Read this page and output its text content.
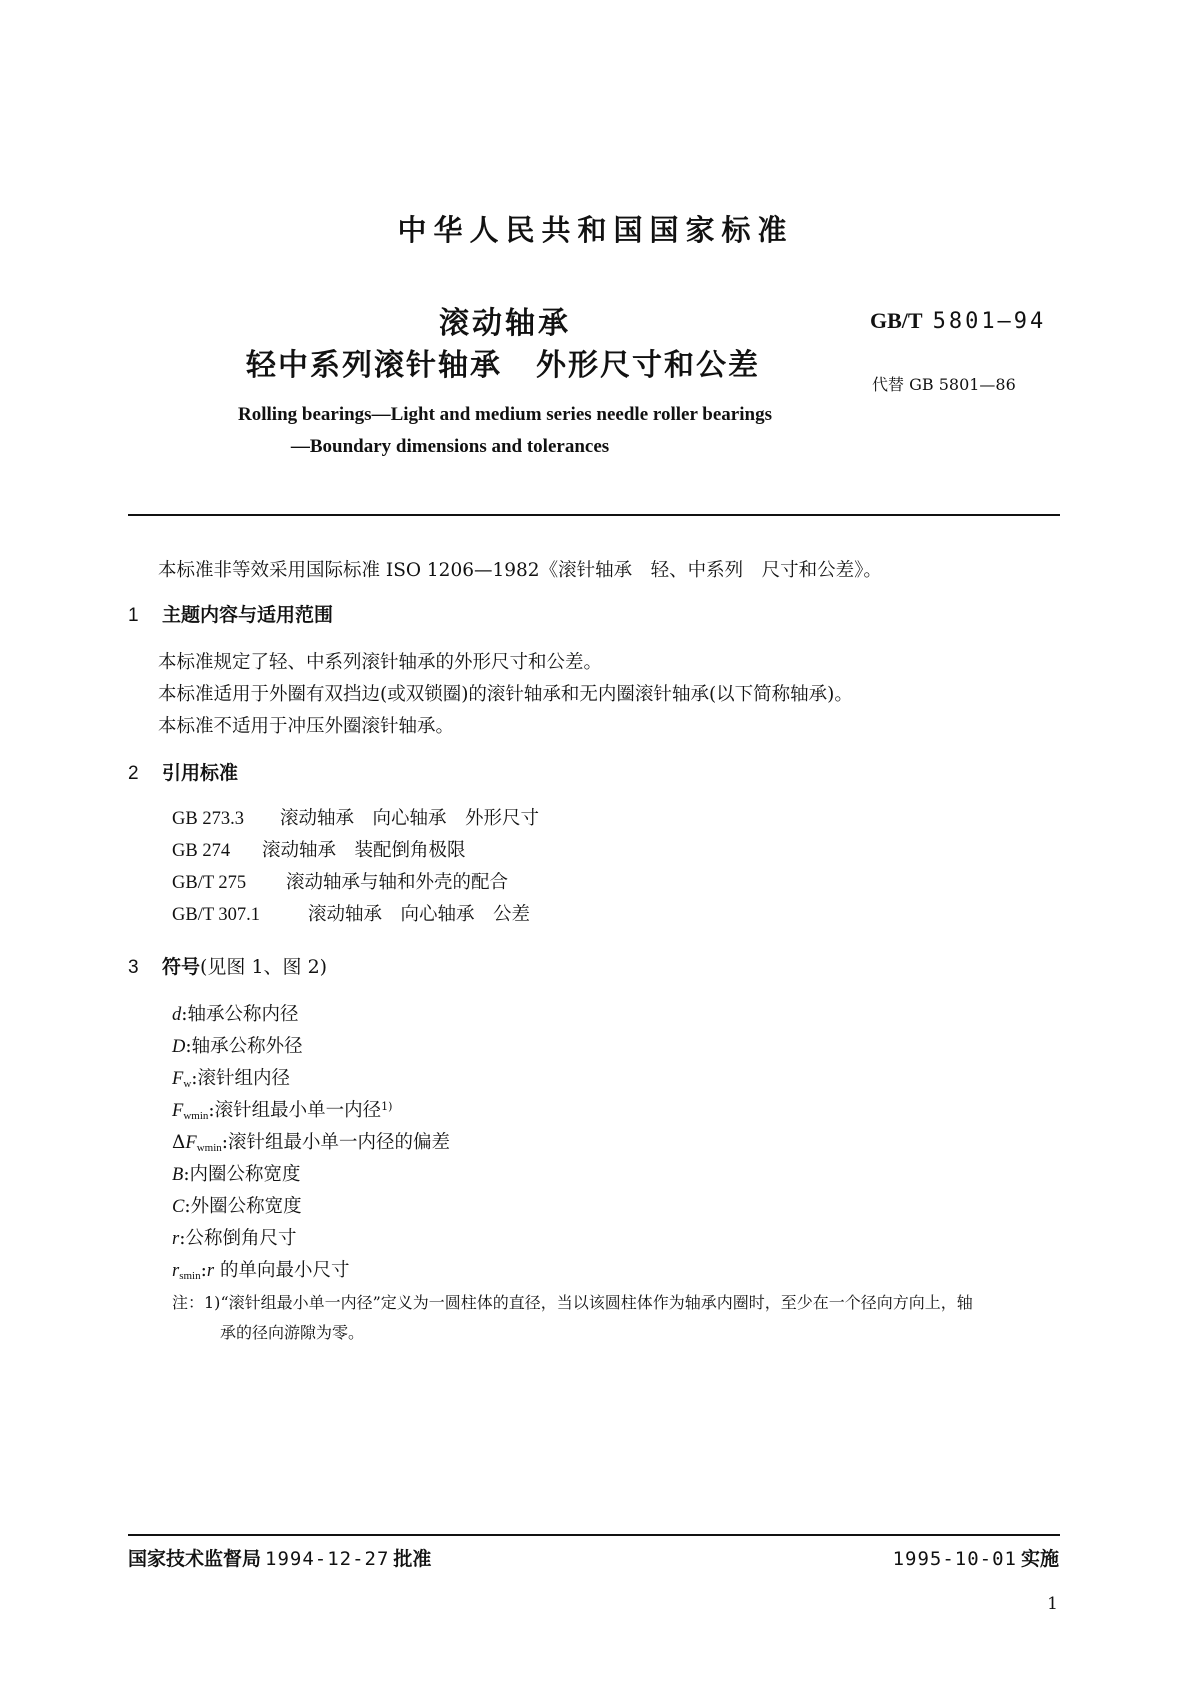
中华人民共和国国家标准
滚动轴承
轻中系列滚针轴承 外形尺寸和公差
GB/T 5801—94
代替 GB 5801—86
Rolling bearings—Light and medium series needle roller bearings
—Boundary dimensions and tolerances
本标准非等效采用国际标准 ISO 1206—1982《滚针轴承　轻、中系列　尺寸和公差》。
1 主题内容与适用范围
本标准规定了轻、中系列滚针轴承的外形尺寸和公差。
本标准适用于外圈有双挡边(或双锁圈)的滚针轴承和无内圈滚针轴承(以下简称轴承)。
本标准不适用于冲压外圈滚针轴承。
2 引用标准
GB 273.3 滚动轴承　向心轴承　外形尺寸
GB 274 滚动轴承　装配倒角极限
GB/T 275 滚动轴承与轴和外壳的配合
GB/T 307.1	滚动轴承　向心轴承　公差
3 符号(见图 1、图 2)
d:轴承公称内径
D:轴承公称外径
$F_w$:滚针组内径
$F_{wmin}$:滚针组最小单一内径$^{1)}$
$\Delta F_{wmin}$:滚针组最小单一内径的偏差
B:内圈公称宽度
C:外圈公称宽度
r:公称倒角尺寸
$r_{smin}:r$ 的单向最小尺寸
注：1)“滚针组最小单一内径”定义为一圆柱体的直径，当以该圆柱体作为轴承内圈时，至少在一个径向方向上，轴
承的径向游隙为零。
国家技术监督局 1994-12-27 批准	1995-10-01 实施
1
